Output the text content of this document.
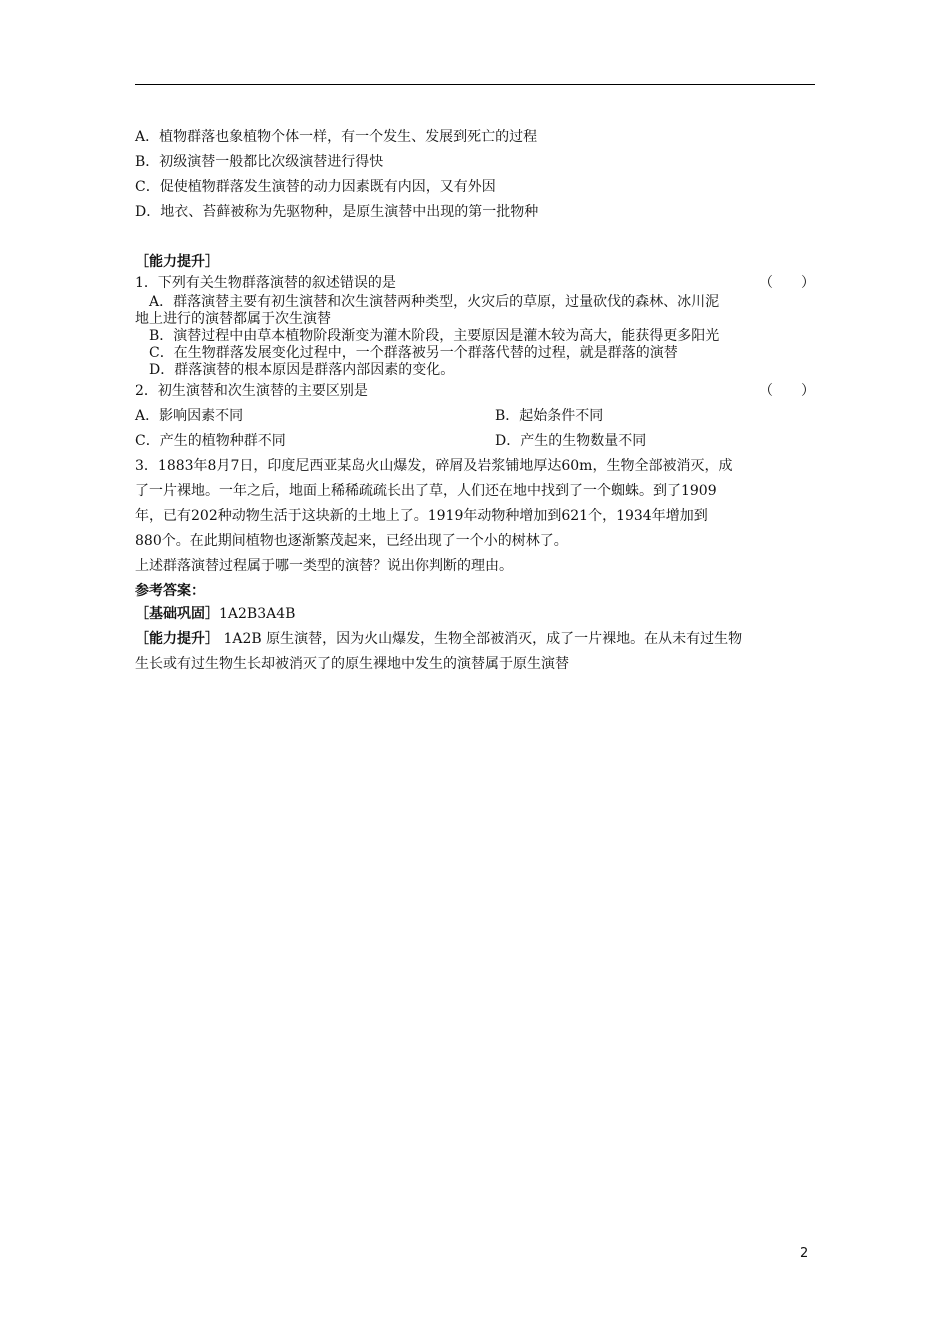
A．植物群落也象植物个体一样，有一个发生、发展到死亡的过程
B．初级演替一般都比次级演替进行得快
C．促使植物群落发生演替的动力因素既有内因，又有外因
D．地衣、苔藓被称为先驱物种，是原生演替中出现的第一批物种
［能力提升］
1．下列有关生物群落演替的叙述错误的是	（　　）
　A．群落演替主要有初生演替和次生演替两种类型，火灾后的草原，过量砍伐的森林、冰川泥
地上进行的演替都属于次生演替
　B．演替过程中由草本植物阶段渐变为灌木阶段，主要原因是灌木较为高大，能获得更多阳光
　C．在生物群落发展变化过程中，一个群落被另一个群落代替的过程，就是群落的演替
　D．群落演替的根本原因是群落内部因素的变化。
2．初生演替和次生演替的主要区别是	（　　）
A．影响因素不同	B．起始条件不同
C．产生的植物种群不同	D．产生的生物数量不同
3．1883年8月7日，印度尼西亚某岛火山爆发，碎屑及岩浆铺地厚达60m，生物全部被消灭，成
了一片裸地。一年之后，地面上稀稀疏疏长出了草，人们还在地中找到了一个蜘蛛。到了1909
年，已有202种动物生活于这块新的土地上了。1919年动物种增加到621个，1934年增加到
880个。在此期间植物也逐渐繁茂起来，已经出现了一个小的树林了。
上述群落演替过程属于哪一类型的演替？说出你判断的理由。
参考答案：
［基础巩固］1A2B3A4B
［能力提升］ 1A2B 原生演替，因为火山爆发，生物全部被消灭，成了一片裸地。在从未有过生物
生长或有过生物生长却被消灭了的原生裸地中发生的演替属于原生演替
2
